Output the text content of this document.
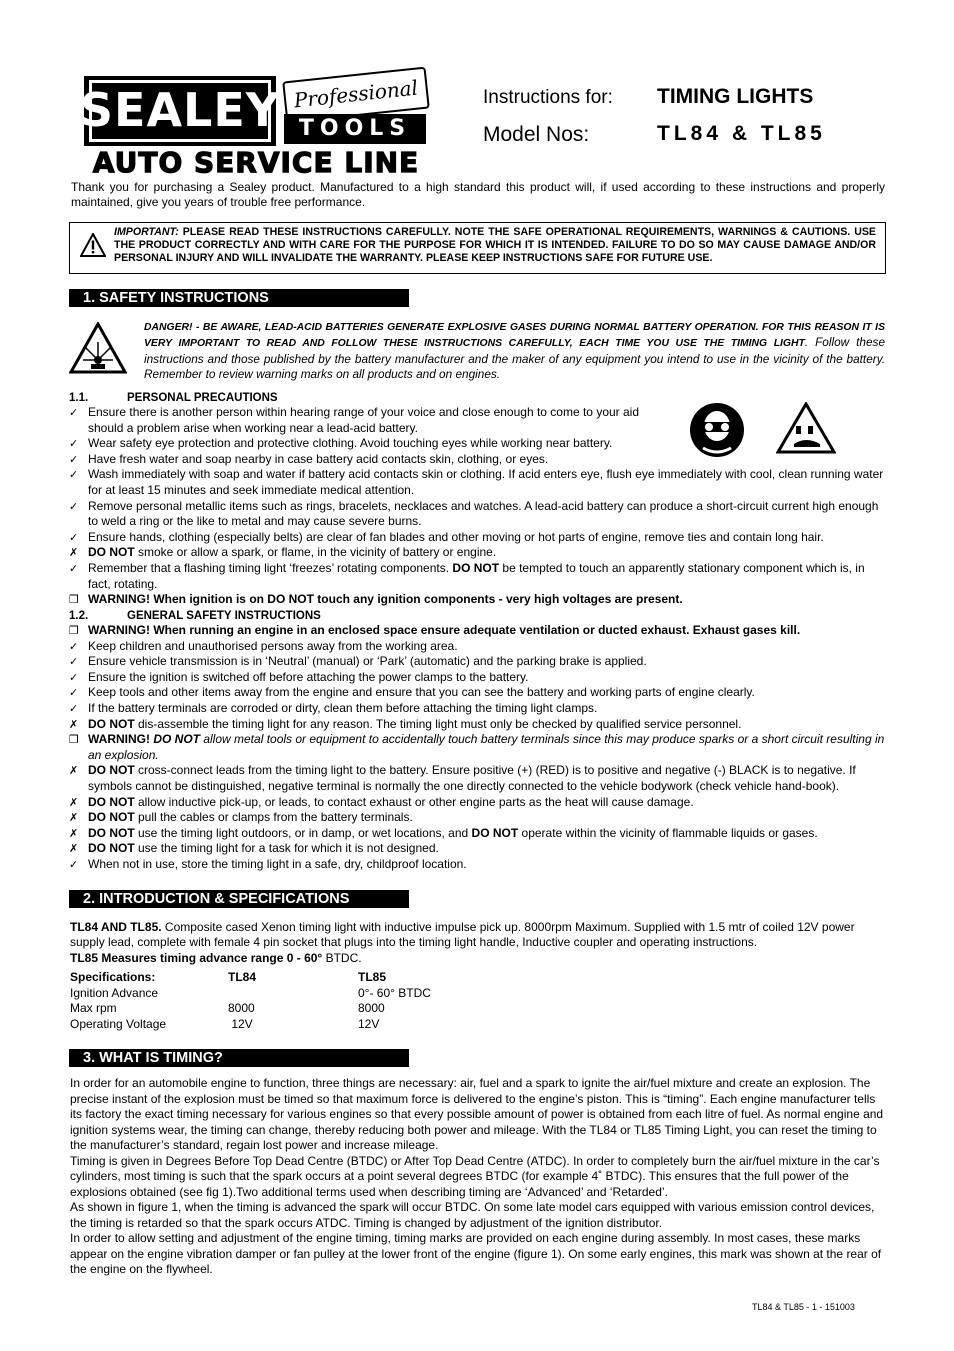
SEALEY Professional
TOOLS
AUTO SERVICE LINE
Instructions for: TIMING LIGHTS
Model Nos:	TL84 & TL85
Thank you for purchasing a Sealey product. Manufactured to a high standard this product will, if used according to these instructions and properly maintained, give you years of trouble free performance.
IMPORTANT: PLEASE READ THESE INSTRUCTIONS CAREFULLY. NOTE THE SAFE OPERATIONAL REQUIREMENTS, WARNINGS & CAUTIONS. USE THE PRODUCT CORRECTLY AND WITH CARE FOR THE PURPOSE FOR WHICH IT IS INTENDED. FAILURE TO DO SO MAY CAUSE DAMAGE AND/OR PERSONAL INJURY AND WILL INVALIDATE THE WARRANTY. PLEASE KEEP INSTRUCTIONS SAFE FOR FUTURE USE.
1. SAFETY INSTRUCTIONS
DANGER! - BE AWARE, LEAD-ACID BATTERIES GENERATE EXPLOSIVE GASES DURING NORMAL BATTERY OPERATION. FOR THIS REASON IT IS VERY IMPORTANT TO READ AND FOLLOW THESE INSTRUCTIONS CAREFULLY, EACH TIME YOU USE THE TIMING LIGHT. Follow these instructions and those published by the battery manufacturer and the maker of any equipment you intend to use in the vicinity of the battery. Remember to review warning marks on all products and on engines.
1.1.	PERSONAL PRECAUTIONS
✓ Ensure there is another person within hearing range of your voice and close enough to come to your aid should a problem arise when working near a lead-acid battery.
✓ Wear safety eye protection and protective clothing. Avoid touching eyes while working near battery.
✓ Have fresh water and soap nearby in case battery acid contacts skin, clothing, or eyes.
✓ Wash immediately with soap and water if battery acid contacts skin or clothing. If acid enters eye, flush eye immediately with cool, clean running water for at least 15 minutes and seek immediate medical attention.
✓ Remove personal metallic items such as rings, bracelets, necklaces and watches. A lead-acid battery can produce a short-circuit current high enough to weld a ring or the like to metal and may cause severe burns.
✓ Ensure hands, clothing (especially belts) are clear of fan blades and other moving or hot parts of engine, remove ties and contain long hair.
✗ DO NOT smoke or allow a spark, or flame, in the vicinity of battery or engine.
✓ Remember that a flashing timing light ‘freezes’ rotating components. DO NOT be tempted to touch an apparently stationary component which is, in fact, rotating.
❐ WARNING! When ignition is on DO NOT touch any ignition components - very high voltages are present.
1.2.	GENERAL SAFETY INSTRUCTIONS
❐ WARNING! When running an engine in an enclosed space ensure adequate ventilation or ducted exhaust. Exhaust gases kill.
✓ Keep children and unauthorised persons away from the working area.
✓ Ensure vehicle transmission is in ‘Neutral’ (manual) or ‘Park’ (automatic) and the parking brake is applied.
✓ Ensure the ignition is switched off before attaching the power clamps to the battery.
✓ Keep tools and other items away from the engine and ensure that you can see the battery and working parts of engine clearly.
✓ If the battery terminals are corroded or dirty, clean them before attaching the timing light clamps.
✗ DO NOT dis-assemble the timing light for any reason. The timing light must only be checked by qualified service personnel.
❐ WARNING! DO NOT allow metal tools or equipment to accidentally touch battery terminals since this may produce sparks or a short circuit resulting in an explosion.
✗ DO NOT cross-connect leads from the timing light to the battery. Ensure positive (+) (RED) is to positive and negative (-) BLACK is to negative. If symbols cannot be distinguished, negative terminal is normally the one directly connected to the vehicle bodywork (check vehicle hand-book).
✗ DO NOT allow inductive pick-up, or leads, to contact exhaust or other engine parts as the heat will cause damage.
✗ DO NOT pull the cables or clamps from the battery terminals.
✗ DO NOT use the timing light outdoors, or in damp, or wet locations, and DO NOT operate within the vicinity of flammable liquids or gases.
✗ DO NOT use the timing light for a task for which it is not designed.
✓ When not in use, store the timing light in a safe, dry, childproof location.
2. INTRODUCTION & SPECIFICATIONS
TL84 AND TL85. Composite cased Xenon timing light with inductive impulse pick up. 8000rpm Maximum. Supplied with 1.5 mtr of coiled 12V power supply lead, complete with female 4 pin socket that plugs into the timing light handle, Inductive coupler and operating instructions.
TL85 Measures timing advance range 0 - 60° BTDC.
Specifications:	TL84	TL85
Ignition Advance		0°- 60° BTDC
Max rpm	8000	8000
Operating Voltage	12V	12V
3. WHAT IS TIMING?
In order for an automobile engine to function, three things are necessary: air, fuel and a spark to ignite the air/fuel mixture and create an explosion. The precise instant of the explosion must be timed so that maximum force is delivered to the engine’s piston. This is “timing”. Each engine manufacturer tells its factory the exact timing necessary for various engines so that every possible amount of power is obtained from each litre of fuel. As normal engine and ignition systems wear, the timing can change, thereby reducing both power and mileage. With the TL84 or TL85 Timing Light, you can reset the timing to the manufacturer’s standard, regain lost power and increase mileage.
Timing is given in Degrees Before Top Dead Centre (BTDC) or After Top Dead Centre (ATDC). In order to completely burn the air/fuel mixture in the car’s cylinders, most timing is such that the spark occurs at a point several degrees BTDC (for example 4˚ BTDC). This ensures that the full power of the explosions obtained (see fig 1).Two additional terms used when describing timing are ‘Advanced’ and ‘Retarded’.
As shown in figure 1, when the timing is advanced the spark will occur BTDC. On some late model cars equipped with various emission control devices, the timing is retarded so that the spark occurs ATDC. Timing is changed by adjustment of the ignition distributor.
In order to allow setting and adjustment of the engine timing, timing marks are provided on each engine during assembly. In most cases, these marks appear on the engine vibration damper or fan pulley at the lower front of the engine (figure 1). On some early engines, this mark was shown at the rear of the engine on the flywheel.
TL84 & TL85 - 1 - 151003
